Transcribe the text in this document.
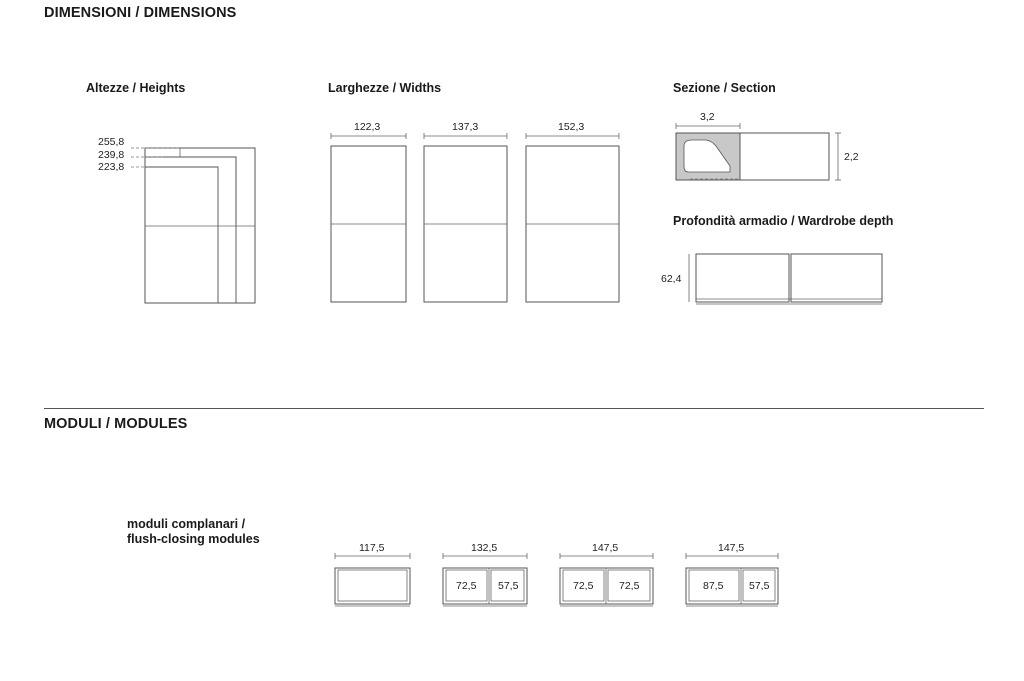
DIMENSIONI / DIMENSIONS
MODULI / MODULES
Altezze / Heights	Larghezze / Widths	Sezione / Section
Profondità armadio / Wardrobe depth
255,8
239,8
223,8
122,3	137,3	152,3
3,2
2,2
62,4
moduli complanari /
flush-closing modules
117,5	132,5	147,5	147,5
72,5 57,5	72,5 72,5	87,5 57,5
